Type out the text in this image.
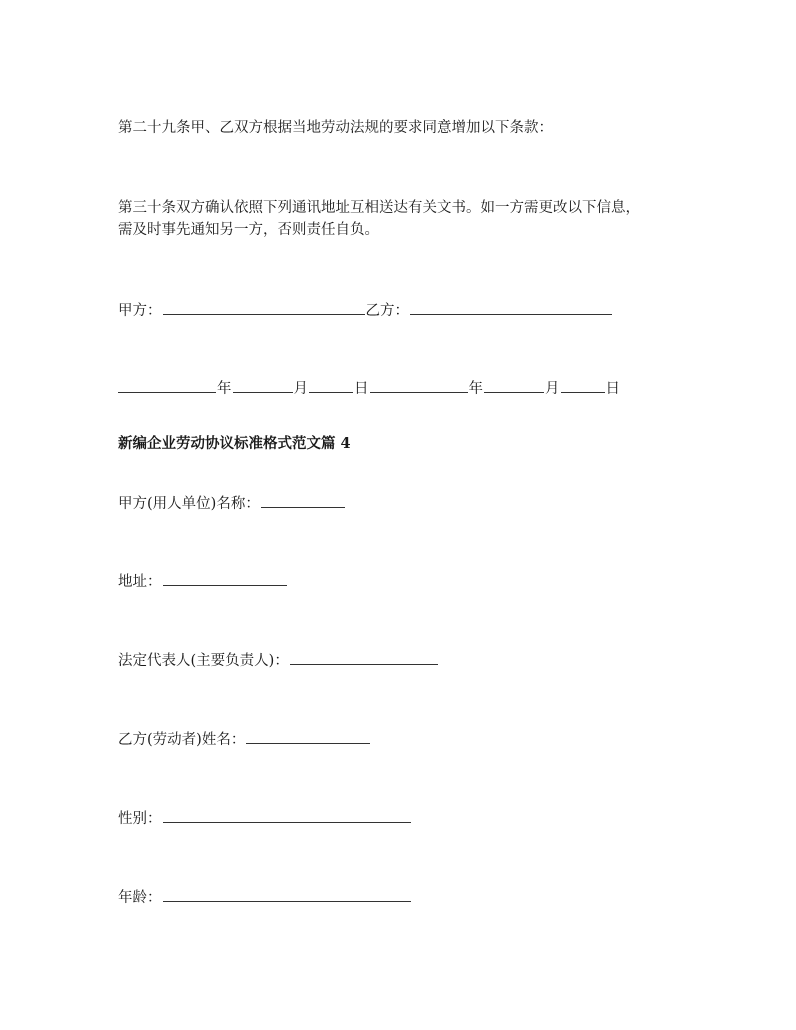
第二十九条甲、乙双方根据当地劳动法规的要求同意增加以下条款：
第三十条双方确认依照下列通讯地址互相送达有关文书。如一方需更改以下信息，
需及时事先通知另一方，否则责任自负。
甲方：	乙方：
年	月	日	年	月	日
新编企业劳动协议标准格式范文篇 4
甲方(用人单位)名称：
地址：
法定代表人(主要负责人)：
乙方(劳动者)姓名：
性别：
年龄：
